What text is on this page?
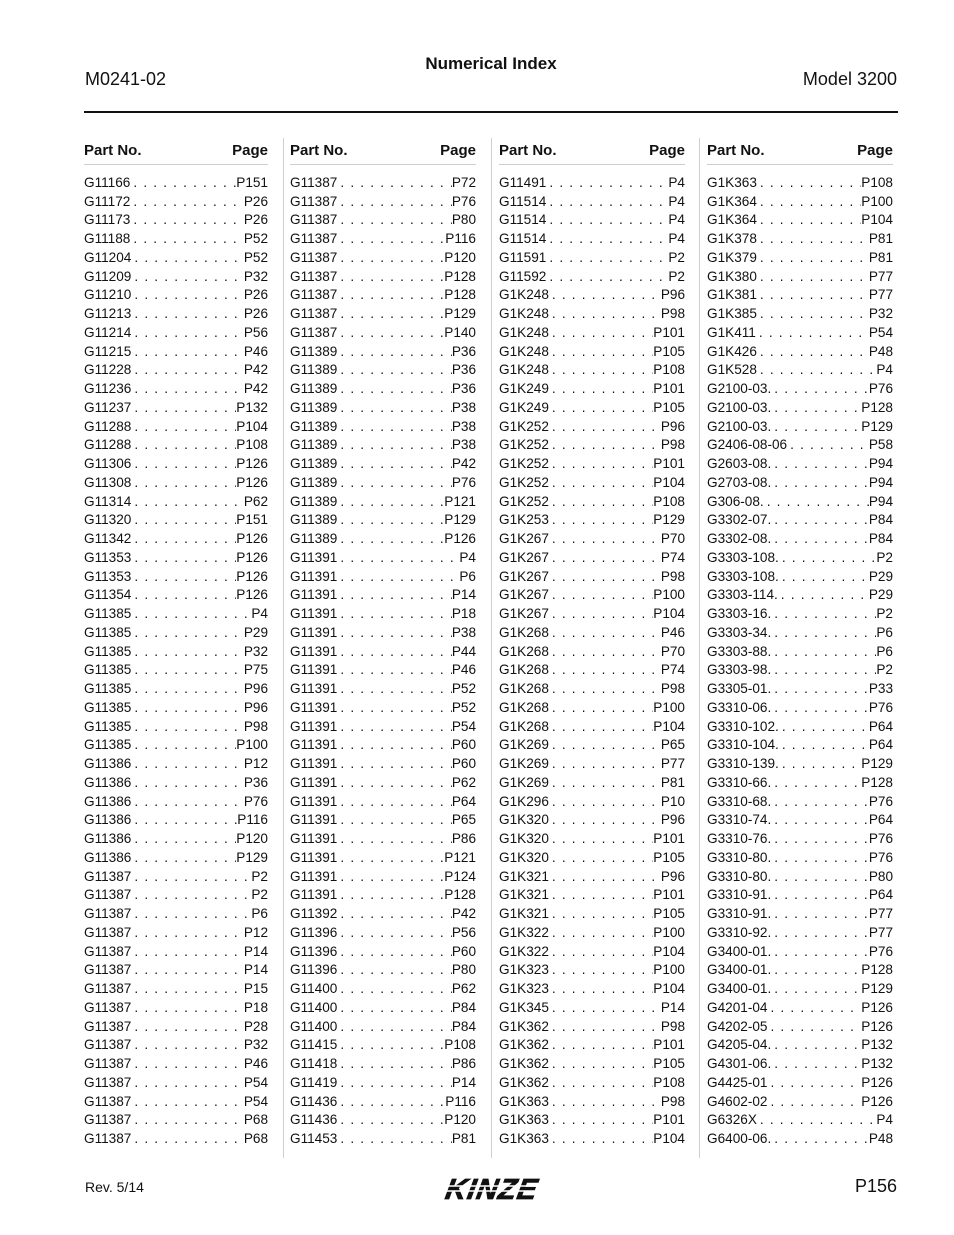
M0241-02
Numerical Index
Model 3200
Part No.	Page
G11166 . . .	P151
G11172 . . .	P26
G11173 . . .	P26
G11188 . . .	P52
G11204 . . .	P52
G11209 . . .	P32
G11210 . . .	P26
G11213 . . .	P26
G11214 . . .	P56
G11215 . . .	P46
G11228 . . .	P42
G11236 . . .	P42
G11237 . . .	P132
G11288 . . .	P104
G11288 . . .	P108
G11306 . . .	P126
G11308 . . .	P126
G11314 . . .	P62
G11320 . . .	P151
G11342 . . .	P126
G11353 . . .	P126
G11353 . . .	P126
G11354 . . .	P126
G11385 . . .	P4
G11385 . . .	P29
G11385 . . .	P32
G11385 . . .	P75
G11385 . . .	P96
G11385 . . .	P96
G11385 . . .	P98
G11385 . . .	P100
G11386 . . .	P12
G11386 . . .	P36
G11386 . . .	P76
G11386 . . .	P116
G11386 . . .	P120
G11386 . . .	P129
G11387 . . .	P2
G11387 . . .	P2
G11387 . . .	P6
G11387 . . .	P12
G11387 . . .	P14
G11387 . . .	P14
G11387 . . .	P15
G11387 . . .	P18
G11387 . . .	P28
G11387 . . .	P32
G11387 . . .	P46
G11387 . . .	P54
G11387 . . .	P54
G11387 . . .	P68
G11387 . . .	P68
Part No.	Page
G11387 . . .	P72
G11387 . . .	P76
G11387 . . .	P80
G11387 . . .	P116
G11387 . . .	P120
G11387 . . .	P128
G11387 . . .	P128
G11387 . . .	P129
G11387 . . .	P140
G11389 . . .	P36
G11389 . . .	P36
G11389 . . .	P36
G11389 . . .	P38
G11389 . . .	P38
G11389 . . .	P38
G11389 . . .	P42
G11389 . . .	P76
G11389 . . .	P121
G11389 . . .	P129
G11389 . . .	P126
G11391 . . .	P4
G11391 . . .	P6
G11391 . . .	P14
G11391 . . .	P18
G11391 . . .	P38
G11391 . . .	P44
G11391 . . .	P46
G11391 . . .	P52
G11391 . . .	P52
G11391 . . .	P54
G11391 . . .	P60
G11391 . . .	P60
G11391 . . .	P62
G11391 . . .	P64
G11391 . . .	P65
G11391 . . .	P86
G11391 . . .	P121
G11391 . . .	P124
G11391 . . .	P128
G11392 . . .	P42
G11396 . . .	P56
G11396 . . .	P60
G11396 . . .	P80
G11400 . . .	P62
G11400 . . .	P84
G11400 . . .	P84
G11415 . . .	P108
G11418 . . .	P86
G11419 . . .	P14
G11436 . . .	P116
G11436 . . .	P120
G11453 . . .	P81
Part No.	Page
G11491 . . .	P4
G11514 . . .	P4
G11514 . . .	P4
G11514 . . .	P4
G11591 . . .	P2
G11592 . . .	P2
G1K248 . . .	P96
G1K248 . . .	P98
G1K248 . . .	P101
G1K248 . . .	P105
G1K248 . . .	P108
G1K249 . . .	P101
G1K249 . . .	P105
G1K252 . . .	P96
G1K252 . . .	P98
G1K252 . . .	P101
G1K252 . . .	P104
G1K252 . . .	P108
G1K253 . . .	P129
G1K267 . . .	P70
G1K267 . . .	P74
G1K267 . . .	P98
G1K267 . . .	P100
G1K267 . . .	P104
G1K268 . . .	P46
G1K268 . . .	P70
G1K268 . . .	P74
G1K268 . . .	P98
G1K268 . . .	P100
G1K268 . . .	P104
G1K269 . . .	P65
G1K269 . . .	P77
G1K269 . . .	P81
G1K296 . . .	P10
G1K320 . . .	P96
G1K320 . . .	P101
G1K320 . . .	P105
G1K321 . . .	P96
G1K321 . . .	P101
G1K321 . . .	P105
G1K322 . . .	P100
G1K322 . . .	P104
G1K323 . . .	P100
G1K323 . . .	P104
G1K345 . . .	P14
G1K362 . . .	P98
G1K362 . . .	P101
G1K362 . . .	P105
G1K362 . . .	P108
G1K363 . . .	P98
G1K363 . . .	P101
G1K363 . . .	P104
Part No.	Page
G1K363 . . .	P108
G1K364 . . .	P100
G1K364 . . .	P104
G1K378 . . .	P81
G1K379 . . .	P81
G1K380 . . .	P77
G1K381 . . .	P77
G1K385 . . .	P32
G1K411 . . .	P54
G1K426 . . .	P48
G1K528 . . .	P4
G2100-03. . . .	P76
G2100-03. . . .	P128
G2100-03. . . .	P129
G2406-08-06 . . .	P58
G2603-08. . . .	P94
G2703-08. . . .	P94
G306-08. . . .	P94
G3302-07. . . .	P84
G3302-08. . . .	P84
G3303-108. . . .	P2
G3303-108. . . .	P29
G3303-114. . . .	P29
G3303-16. . . .	P2
G3303-34. . . .	P6
G3303-88. . . .	P6
G3303-98. . . .	P2
G3305-01. . . .	P33
G3310-06. . . .	P76
G3310-102. . . .	P64
G3310-104. . . .	P64
G3310-139. . . .	P129
G3310-66. . . .	P128
G3310-68. . . .	P76
G3310-74. . . .	P64
G3310-76. . . .	P76
G3310-80. . . .	P76
G3310-80. . . .	P80
G3310-91. . . .	P64
G3310-91. . . .	P77
G3310-92. . . .	P77
G3400-01. . . .	P76
G3400-01. . . .	P128
G3400-01. . . .	P129
G4201-04 . . .	P126
G4202-05 . . .	P126
G4205-04. . . .	P132
G4301-06. . . .	P132
G4425-01 . . .	P126
G4602-02 . . .	P126
G6326X . . .	P4
G6400-06. . . .	P48
Rev. 5/14	KINZE	P156
